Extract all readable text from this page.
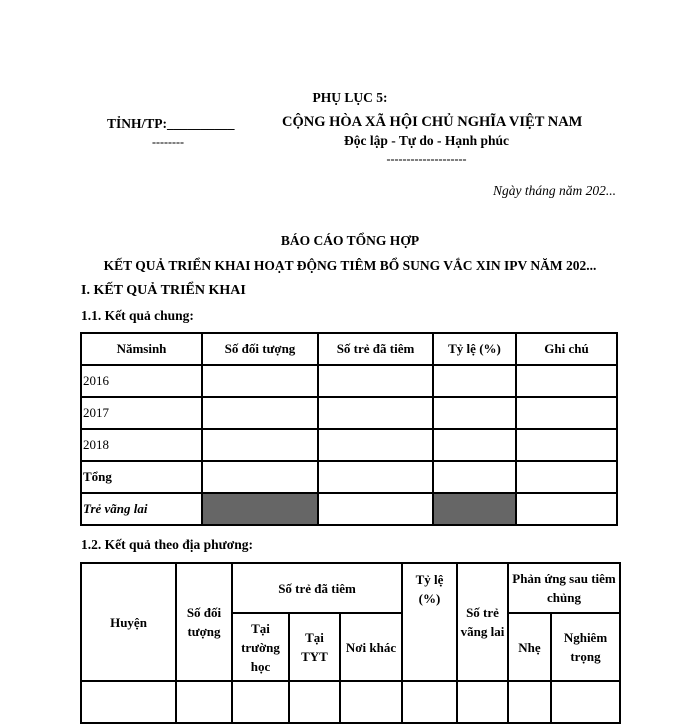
PHỤ LỤC 5:
TỈNH/TP:__________
--------
CỘNG HÒA XÃ HỘI CHỦ NGHĨA VIỆT NAM
Độc lập - Tự do - Hạnh phúc
--------------------
Ngày tháng năm 202...
BÁO CÁO TỔNG HỢP
KẾT QUẢ TRIỂN KHAI HOẠT ĐỘNG TIÊM BỔ SUNG VẮC XIN IPV NĂM 202...
I. KẾT QUẢ TRIỂN KHAI
1.1. Kết quả chung:
Nămsinh	Số đối tượng	Số trẻ đã tiêm	Tỷ lệ (%)	Ghi chú
2016				
2017				
2018				
Tổng				
Trẻ vãng lai				
1.2. Kết quả theo địa phương:
Huyện	Số đối tượng	Số trẻ đã tiêm			Tỷ lệ (%)	Số trẻ vãng lai	Phản ứng sau tiêm chủng	
		Tại trường học	Tại TYT	Nơi khác			Nhẹ	Nghiêm trọng
